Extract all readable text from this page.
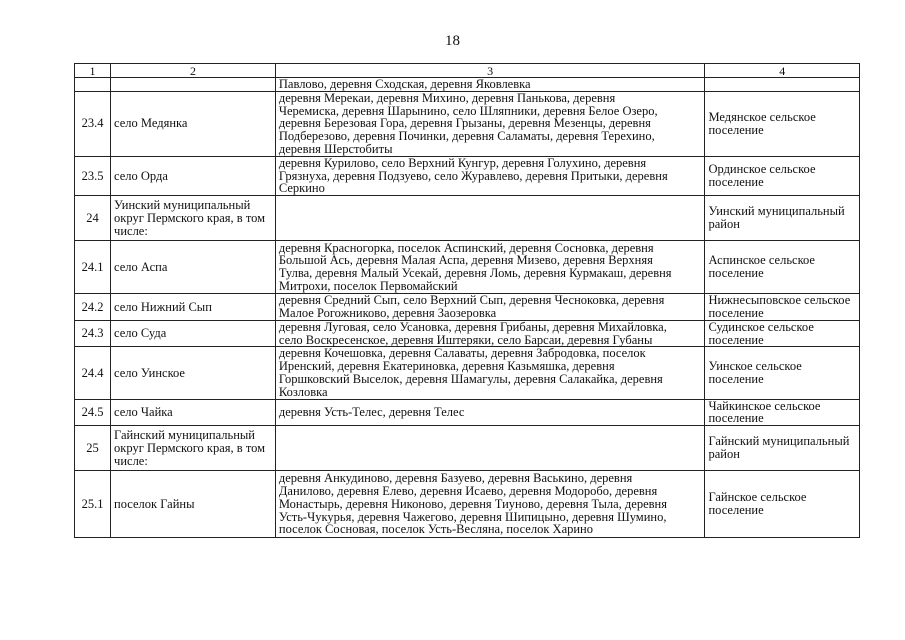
18
1	2	3	4
		Павлово, деревня Сходская, деревня Яковлевка	
23.4	село Медянка	деревня Мерекаи, деревня Михино, деревня Панькова, деревня
Черемиска, деревня Шарынино, село Шляпники, деревня Белое Озеро,
деревня Березовая Гора, деревня Грызаны, деревня Мезенцы, деревня
Подберезово, деревня Починки, деревня Саламаты, деревня Терехино,
деревня Шерстобиты	Медянское сельское поселение
23.5	село Орда	деревня Курилово, село Верхний Кунгур, деревня Голухино, деревня
Грязнуха, деревня Подзуево, село Журавлево, деревня Притыки, деревня
Серкино	Ординское сельское поселение
24	Уинский муниципальный округ Пермского края, в том числе:		Уинский муниципальный район
24.1	село Аспа	деревня Красногорка, поселок Аспинский, деревня Сосновка, деревня
Большой Ась, деревня Малая Аспа, деревня Мизево, деревня Верхняя
Тулва, деревня Малый Усекай, деревня Ломь, деревня Курмакаш, деревня
Митрохи, поселок Первомайский	Аспинское сельское поселение
24.2	село Нижний Сып	деревня Средний Сып, село Верхний Сып, деревня Чесноковка, деревня
Малое Рогожниково, деревня Заозеровка	Нижнесыповское сельское поселение
24.3	село Суда	деревня Луговая, село Усановка, деревня Грибаны, деревня Михайловка,
село Воскресенское, деревня Иштеряки, село Барсаи, деревня Губаны	Судинское сельское поселение
24.4	село Уинское	деревня Кочешовка, деревня Салаваты, деревня Забродовка, поселок
Иренский, деревня Екатериновка, деревня Казьмяшка, деревня
Горшковский Выселок, деревня Шамагулы, деревня Салакайка, деревня
Козловка	Уинское сельское поселение
24.5	село Чайка	деревня Усть-Телес, деревня Телес	Чайкинское сельское поселение
25	Гайнский муниципальный округ Пермского края, в том числе:		Гайнский муниципальный район
25.1	поселок Гайны	деревня Анкудиново, деревня Базуево, деревня Васькино, деревня
Данилово, деревня Елево, деревня Исаево, деревня Модоробо, деревня
Монастырь, деревня Никоново, деревня Тиуново, деревня Тыла, деревня
Усть-Чукурья, деревня Чажегово, деревня Шипицыно, деревня Шумино,
поселок Сосновая, поселок Усть-Весляна, поселок Харино	Гайнское сельское поселение
